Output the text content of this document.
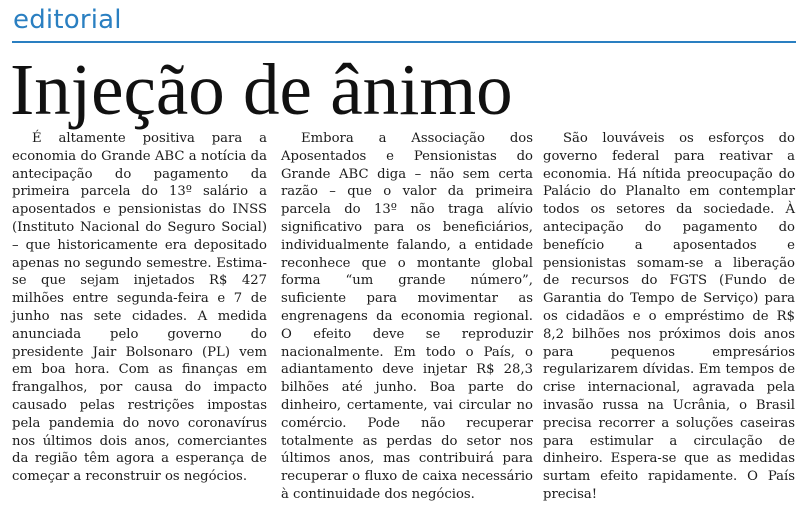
editorial
Injeção de ânimo

É altamente positiva para a economia do Grande ABC a notícia da antecipação do pagamento da primeira parcela do 13º salário a aposentados e pensionistas do INSS (Instituto Nacional do Seguro Social) – que historicamente era depositado apenas no segundo semestre. Estima-se que sejam injetados R$ 427 milhões entre segunda-feira e 7 de junho nas sete cidades. A medida anunciada pelo governo do presidente Jair Bolsonaro (PL) vem em boa hora. Com as finanças em frangalhos, por causa do impacto causado pelas restrições impostas pela pandemia do novo coronavírus nos últimos dois anos, comerciantes da região têm agora a esperança de começar a reconstruir os negócios.

Embora a Associação dos Aposentados e Pensionistas do Grande ABC diga – não sem certa razão – que o valor da primeira parcela do 13º não traga alívio significativo para os beneficiários, individualmente falando, a entidade reconhece que o montante global forma “um grande número”, suficiente para movimentar as engrenagens da economia regional. O efeito deve se reproduzir nacionalmente. Em todo o País, o adiantamento deve injetar R$ 28,3 bilhões até junho. Boa parte do dinheiro, certamente, vai circular no comércio. Pode não recuperar totalmente as perdas do setor nos últimos anos, mas contribuirá para recuperar o fluxo de caixa necessário à continuidade dos negócios.

São louváveis os esforços do governo federal para reativar a economia. Há nítida preocupação do Palácio do Planalto em contemplar todos os setores da sociedade. À antecipação do pagamento do benefício a aposentados e pensionistas somam-se a liberação de recursos do FGTS (Fundo de Garantia do Tempo de Serviço) para os cidadãos e o empréstimo de R$ 8,2 bilhões nos próximos dois anos para pequenos empresários regularizarem dívidas. Em tempos de crise internacional, agravada pela invasão russa na Ucrânia, o Brasil precisa recorrer a soluções caseiras para estimular a circulação de dinheiro. Espera-se que as medidas surtam efeito rapidamente. O País precisa!
